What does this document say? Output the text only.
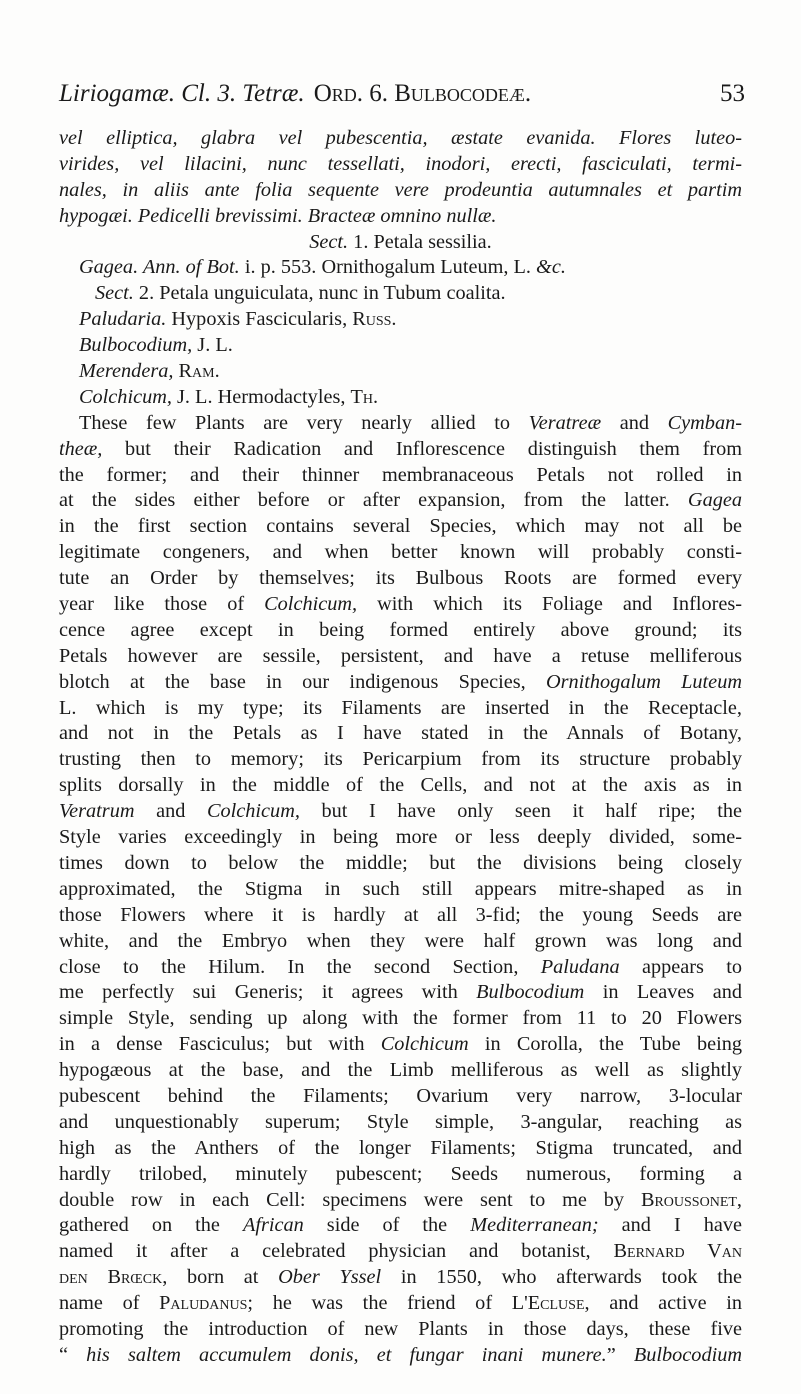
Liriogamæ. Cl. 3. Tetræ. Ord. 6. Bulbocodeæ.	53
vel elliptica, glabra vel pubescentia, æstate evanida. Flores luteo-
virides, vel lilacini, nunc tessellati, inodori, erecti, fasciculati, termi-
nales, in aliis ante folia sequente vere prodeuntia autumnales et partim
hypogæi. Pedicelli brevissimi. Bracteæ omnino nullæ.
Sect. 1. Petala sessilia.
Gagea. Ann. of Bot. i. p. 553. Ornithogalum Luteum, L. &c.
Sect. 2. Petala unguiculata, nunc in Tubum coalita.
Paludaria. Hypoxis Fascicularis, Russ.
Bulbocodium, J. L.
Merendera, Ram.
Colchicum, J. L. Hermodactyles, Th.
These few Plants are very nearly allied to Veratreæ and Cymban-
theæ, but their Radication and Inflorescence distinguish them from
the former; and their thinner membranaceous Petals not rolled in
at the sides either before or after expansion, from the latter. Gagea
in the first section contains several Species, which may not all be
legitimate congeners, and when better known will probably consti-
tute an Order by themselves; its Bulbous Roots are formed every
year like those of Colchicum, with which its Foliage and Inflores-
cence agree except in being formed entirely above ground; its
Petals however are sessile, persistent, and have a retuse melliferous
blotch at the base in our indigenous Species, Ornithogalum Luteum
L. which is my type; its Filaments are inserted in the Receptacle,
and not in the Petals as I have stated in the Annals of Botany,
trusting then to memory; its Pericarpium from its structure probably
splits dorsally in the middle of the Cells, and not at the axis as in
Veratrum and Colchicum, but I have only seen it half ripe; the
Style varies exceedingly in being more or less deeply divided, some-
times down to below the middle; but the divisions being closely
approximated, the Stigma in such still appears mitre-shaped as in
those Flowers where it is hardly at all 3-fid; the young Seeds are
white, and the Embryo when they were half grown was long and
close to the Hilum. In the second Section, Paludana appears to
me perfectly sui Generis; it agrees with Bulbocodium in Leaves and
simple Style, sending up along with the former from 11 to 20 Flowers
in a dense Fasciculus; but with Colchicum in Corolla, the Tube being
hypogæous at the base, and the Limb melliferous as well as slightly
pubescent behind the Filaments; Ovarium very narrow, 3-locular
and unquestionably superum; Style simple, 3-angular, reaching as
high as the Anthers of the longer Filaments; Stigma truncated, and
hardly trilobed, minutely pubescent; Seeds numerous, forming a
double row in each Cell: specimens were sent to me by Broussonet,
gathered on the African side of the Mediterranean; and I have
named it after a celebrated physician and botanist, Bernard Van
den Brœck, born at Ober Yssel in 1550, who afterwards took the
name of Paludanus; he was the friend of L'Ecluse, and active in
promoting the introduction of new Plants in those days, these five
“ his saltem accumulem donis, et fungar inani munere.” Bulbocodium
